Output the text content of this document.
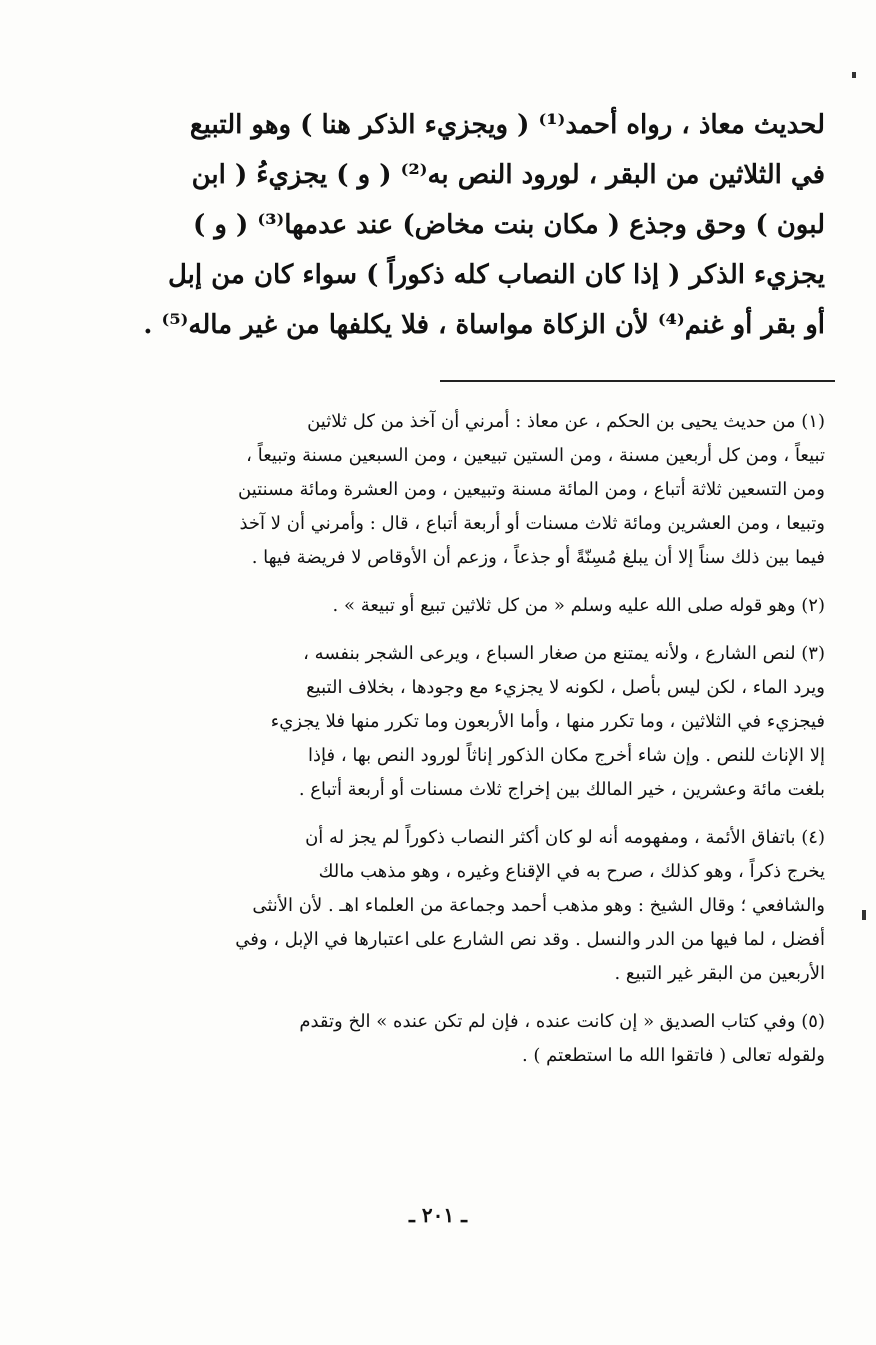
لحديث معاذ ، رواه أحمد⁽¹⁾ ( ويجزيء الذكر هنا ) وهو التبيع
في الثلاثين من البقر ، لورود النص به⁽²⁾ ( و ) يجزيءُ ( ابن
لبون ) وحق وجذع ( مكان بنت مخاض) عند عدمها⁽³⁾ ( و )
يجزيء الذكر ( إذا كان النصاب كله ذكوراً ) سواء كان من إبل
أو بقر أو غنم⁽⁴⁾ لأن الزكاة مواساة ، فلا يكلفها من غير ماله⁽⁵⁾ .
(١) من حديث يحيى بن الحكم ، عن معاذ : أمرني أن آخذ من كل ثلاثين
تبيعاً ، ومن كل أربعين مسنة ، ومن الستين تبيعين ، ومن السبعين مسنة وتبيعاً ،
ومن التسعين ثلاثة أتباع ، ومن المائة مسنة وتبيعين ، ومن العشرة ومائة مسنتين
وتبيعا ، ومن العشرين ومائة ثلاث مسنات أو أربعة أتباع ، قال : وأمرني أن لا آخذ
فيما بين ذلك سناً إلا أن يبلغ مُسِنّةً أو جذعاً ، وزعم أن الأوقاص لا فريضة فيها .
(٢) وهو قوله صلى الله عليه وسلم « من كل ثلاثين تبيع أو تبيعة » .
(٣) لنص الشارع ، ولأنه يمتنع من صغار السباع ، ويرعى الشجر بنفسه ،
ويرد الماء ، لكن ليس بأصل ، لكونه لا يجزيء مع وجودها ، بخلاف التبيع
فيجزيء في الثلاثين ، وما تكرر منها ، وأما الأربعون وما تكرر منها فلا يجزيء
إلا الإناث للنص . وإن شاء أخرج مكان الذكور إناثاً لورود النص بها ، فإذا
بلغت مائة وعشرين ، خير المالك بين إخراج ثلاث مسنات أو أربعة أتباع .
(٤) باتفاق الأئمة ، ومفهومه أنه لو كان أكثر النصاب ذكوراً لم يجز له أن
يخرج ذكراً ، وهو كذلك ، صرح به في الإقناع وغيره ، وهو مذهب مالك
والشافعي ؛ وقال الشيخ : وهو مذهب أحمد وجماعة من العلماء اهـ . لأن الأنثى
أفضل ، لما فيها من الدر والنسل . وقد نص الشارع على اعتبارها في الإبل ، وفي
الأربعين من البقر غير التبيع .
(٥) وفي كتاب الصديق « إن كانت عنده ، فإن لم تكن عنده » الخ وتقدم
ولقوله تعالى ( فاتقوا الله ما استطعتم ) .
ـ ٢٠١ ـ
